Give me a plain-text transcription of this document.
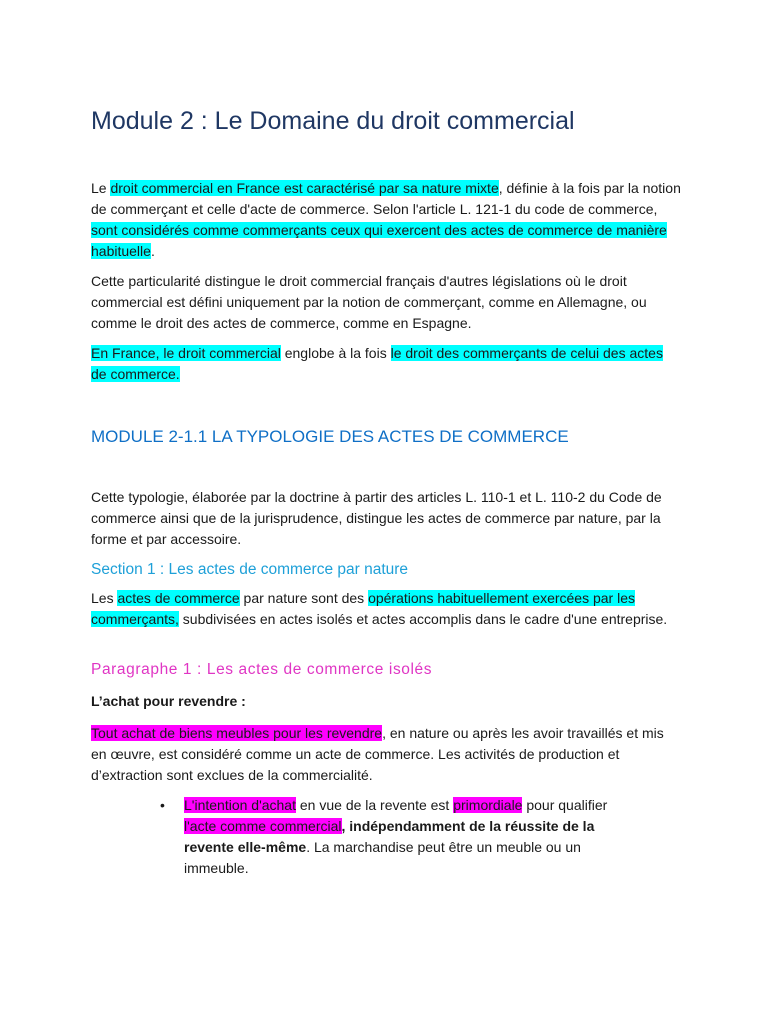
Module 2 : Le Domaine du droit commercial

Le droit commercial en France est caractérisé par sa nature mixte, définie à la fois par la notion de commerçant et celle d'acte de commerce. Selon l'article L. 121-1 du code de commerce, sont considérés comme commerçants ceux qui exercent des actes de commerce de manière habituelle.

Cette particularité distingue le droit commercial français d'autres législations où le droit commercial est défini uniquement par la notion de commerçant, comme en Allemagne, ou comme le droit des actes de commerce, comme en Espagne.

En France, le droit commercial englobe à la fois le droit des commerçants de celui des actes de commerce.

MODULE 2-1.1 LA TYPOLOGIE DES ACTES DE COMMERCE

Cette typologie, élaborée par la doctrine à partir des articles L. 110-1 et L. 110-2 du Code de commerce ainsi que de la jurisprudence, distingue les actes de commerce par nature, par la forme et par accessoire.

Section 1 : Les actes de commerce par nature

Les actes de commerce par nature sont des opérations habituellement exercées par les commerçants, subdivisées en actes isolés et actes accomplis dans le cadre d'une entreprise.

Paragraphe 1 : Les actes de commerce isolés

L’achat pour revendre :

Tout achat de biens meubles pour les revendre, en nature ou après les avoir travaillés et mis en œuvre, est considéré comme un acte de commerce. Les activités de production et d’extraction sont exclues de la commercialité.

• L'intention d'achat en vue de la revente est primordiale pour qualifier l'acte comme commercial, indépendamment de la réussite de la revente elle-même. La marchandise peut être un meuble ou un immeuble.
